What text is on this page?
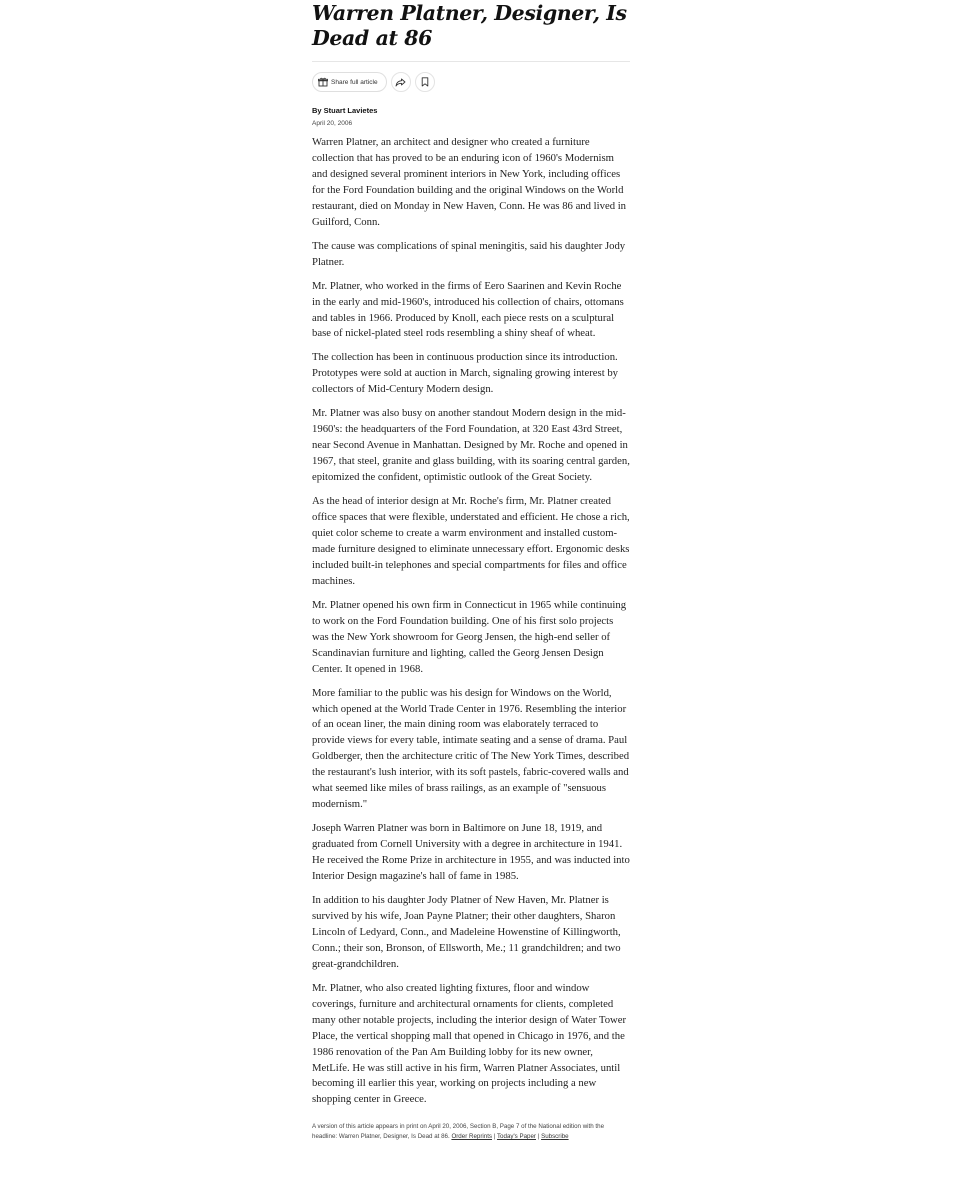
Warren Platner, Designer, Is Dead at 86
Share full article
By Stuart Lavietes
April 20, 2006

Warren Platner, an architect and designer who created a furniture collection that has proved to be an enduring icon of 1960's Modernism and designed several prominent interiors in New York, including offices for the Ford Foundation building and the original Windows on the World restaurant, died on Monday in New Haven, Conn. He was 86 and lived in Guilford, Conn.

The cause was complications of spinal meningitis, said his daughter Jody Platner.

Mr. Platner, who worked in the firms of Eero Saarinen and Kevin Roche in the early and mid-1960's, introduced his collection of chairs, ottomans and tables in 1966. Produced by Knoll, each piece rests on a sculptural base of nickel-plated steel rods resembling a shiny sheaf of wheat.

The collection has been in continuous production since its introduction. Prototypes were sold at auction in March, signaling growing interest by collectors of Mid-Century Modern design.

Mr. Platner was also busy on another standout Modern design in the mid-1960's: the headquarters of the Ford Foundation, at 320 East 43rd Street, near Second Avenue in Manhattan. Designed by Mr. Roche and opened in 1967, that steel, granite and glass building, with its soaring central garden, epitomized the confident, optimistic outlook of the Great Society.

As the head of interior design at Mr. Roche's firm, Mr. Platner created office spaces that were flexible, understated and efficient. He chose a rich, quiet color scheme to create a warm environment and installed custom-made furniture designed to eliminate unnecessary effort. Ergonomic desks included built-in telephones and special compartments for files and office machines.

Mr. Platner opened his own firm in Connecticut in 1965 while continuing to work on the Ford Foundation building. One of his first solo projects was the New York showroom for Georg Jensen, the high-end seller of Scandinavian furniture and lighting, called the Georg Jensen Design Center. It opened in 1968.

More familiar to the public was his design for Windows on the World, which opened at the World Trade Center in 1976. Resembling the interior of an ocean liner, the main dining room was elaborately terraced to provide views for every table, intimate seating and a sense of drama. Paul Goldberger, then the architecture critic of The New York Times, described the restaurant's lush interior, with its soft pastels, fabric-covered walls and what seemed like miles of brass railings, as an example of "sensuous modernism."

Joseph Warren Platner was born in Baltimore on June 18, 1919, and graduated from Cornell University with a degree in architecture in 1941. He received the Rome Prize in architecture in 1955, and was inducted into Interior Design magazine's hall of fame in 1985.

In addition to his daughter Jody Platner of New Haven, Mr. Platner is survived by his wife, Joan Payne Platner; their other daughters, Sharon Lincoln of Ledyard, Conn., and Madeleine Howenstine of Killingworth, Conn.; their son, Bronson, of Ellsworth, Me.; 11 grandchildren; and two great-grandchildren.

Mr. Platner, who also created lighting fixtures, floor and window coverings, furniture and architectural ornaments for clients, completed many other notable projects, including the interior design of Water Tower Place, the vertical shopping mall that opened in Chicago in 1976, and the 1986 renovation of the Pan Am Building lobby for its new owner, MetLife. He was still active in his firm, Warren Platner Associates, until becoming ill earlier this year, working on projects including a new shopping center in Greece.

A version of this article appears in print on April 20, 2006, Section B, Page 7 of the National edition with the headline: Warren Platner, Designer, Is Dead at 86. Order Reprints | Today's Paper | Subscribe
